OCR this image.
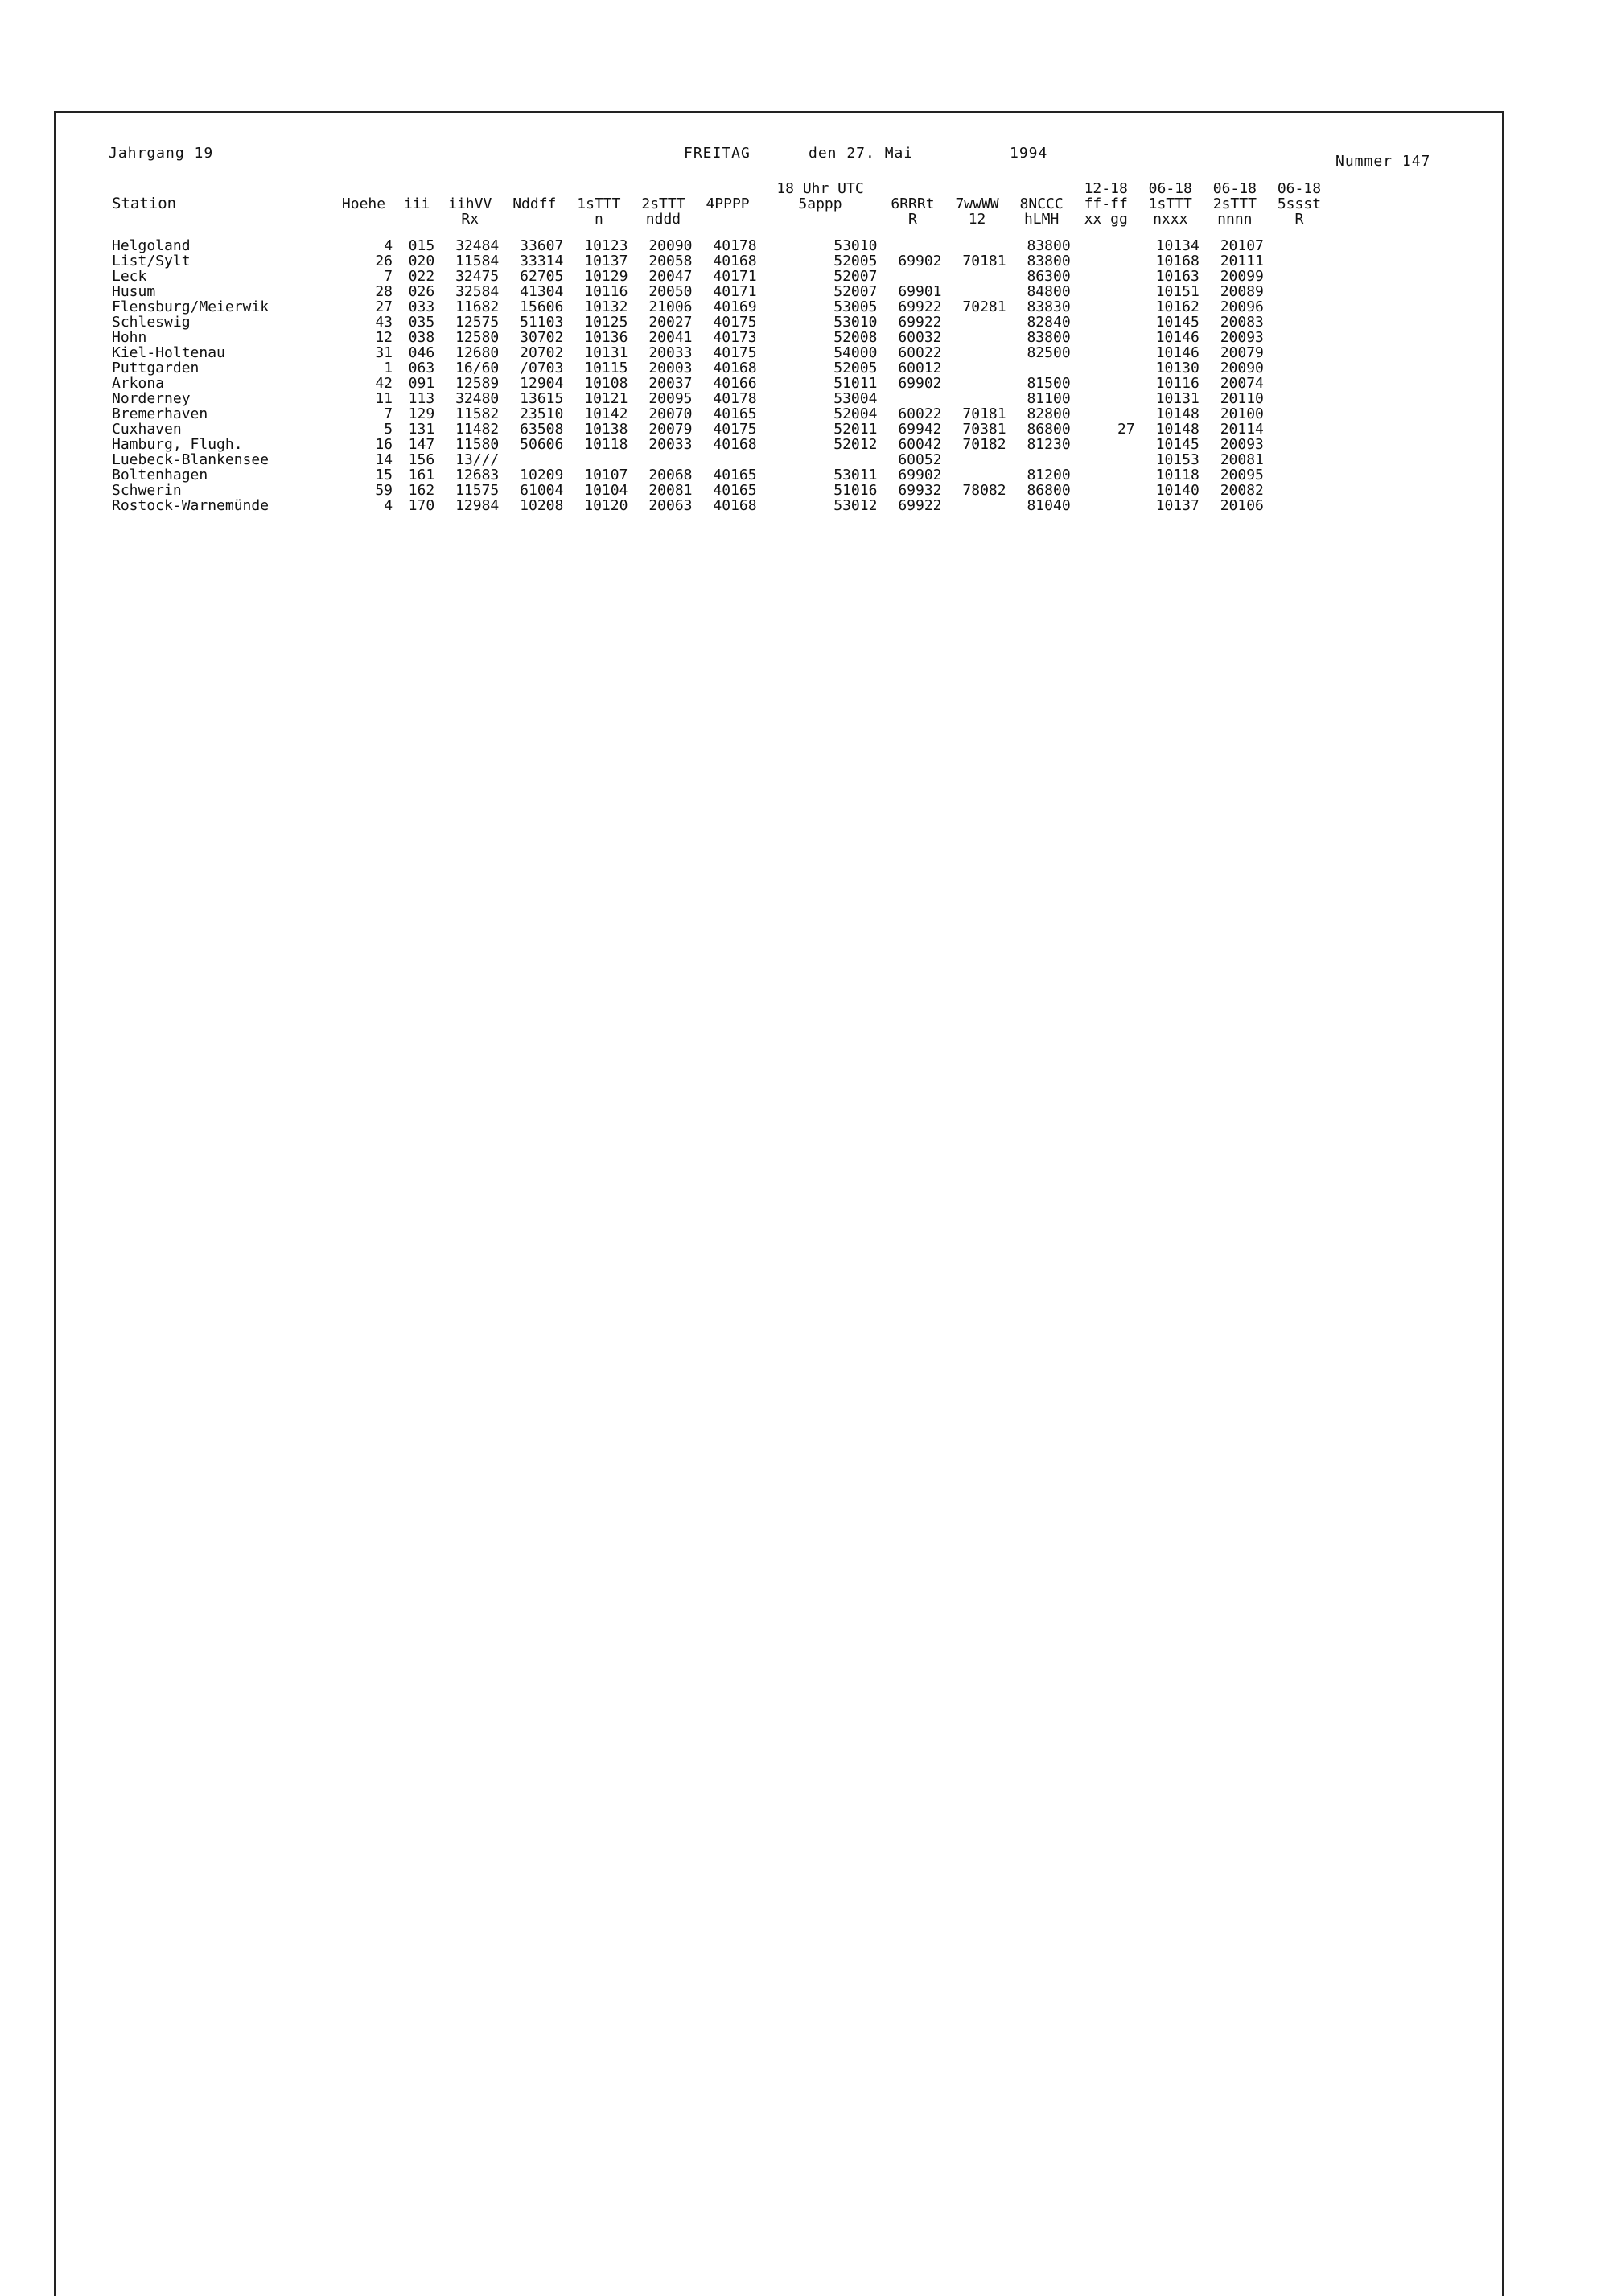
Jahrgang 19	FREITAG	den 27. Mai	1994	Nummer 147
								18 Uhr UTC				12-18	06-18	06-18	06-18
Station	Hoehe	iii	iihVV	Nddff	1sTTT	2sTTT	4PPPP	5appp	6RRRt	7wwWW	8NCCC	ff-ff	1sTTT	2sTTT	5ssst
			Rx		n	nddd			R	12	hLMH	xx gg	nxxx	nnnn	R

Helgoland	4	015	32484	33607	10123	20090	40178	53010			83800		10134	20107	
List/Sylt	26	020	11584	33314	10137	20058	40168	52005	69902	70181	83800		10168	20111	
Leck	7	022	32475	62705	10129	20047	40171	52007			86300		10163	20099	
Husum	28	026	32584	41304	10116	20050	40171	52007	69901		84800		10151	20089	
Flensburg/Meierwik	27	033	11682	15606	10132	21006	40169	53005	69922	70281	83830		10162	20096	
Schleswig	43	035	12575	51103	10125	20027	40175	53010	69922		82840		10145	20083	
Hohn	12	038	12580	30702	10136	20041	40173	52008	60032		83800		10146	20093	
Kiel-Holtenau	31	046	12680	20702	10131	20033	40175	54000	60022		82500		10146	20079	
Puttgarden	1	063	16/60	/0703	10115	20003	40168	52005	60012				10130	20090	
Arkona	42	091	12589	12904	10108	20037	40166	51011	69902		81500		10116	20074	
Norderney	11	113	32480	13615	10121	20095	40178	53004			81100		10131	20110	
Bremerhaven	7	129	11582	23510	10142	20070	40165	52004	60022	70181	82800		10148	20100	
Cuxhaven	5	131	11482	63508	10138	20079	40175	52011	69942	70381	86800	27	10148	20114	
Hamburg, Flugh.	16	147	11580	50606	10118	20033	40168	52012	60042	70182	81230		10145	20093	
Luebeck-Blankensee	14	156	13///						60052				10153	20081	
Boltenhagen	15	161	12683	10209	10107	20068	40165	53011	69902		81200		10118	20095	
Schwerin	59	162	11575	61004	10104	20081	40165	51016	69932	78082	86800		10140	20082	
Rostock-Warnemünde	4	170	12984	10208	10120	20063	40168	53012	69922		81040		10137	20106	
